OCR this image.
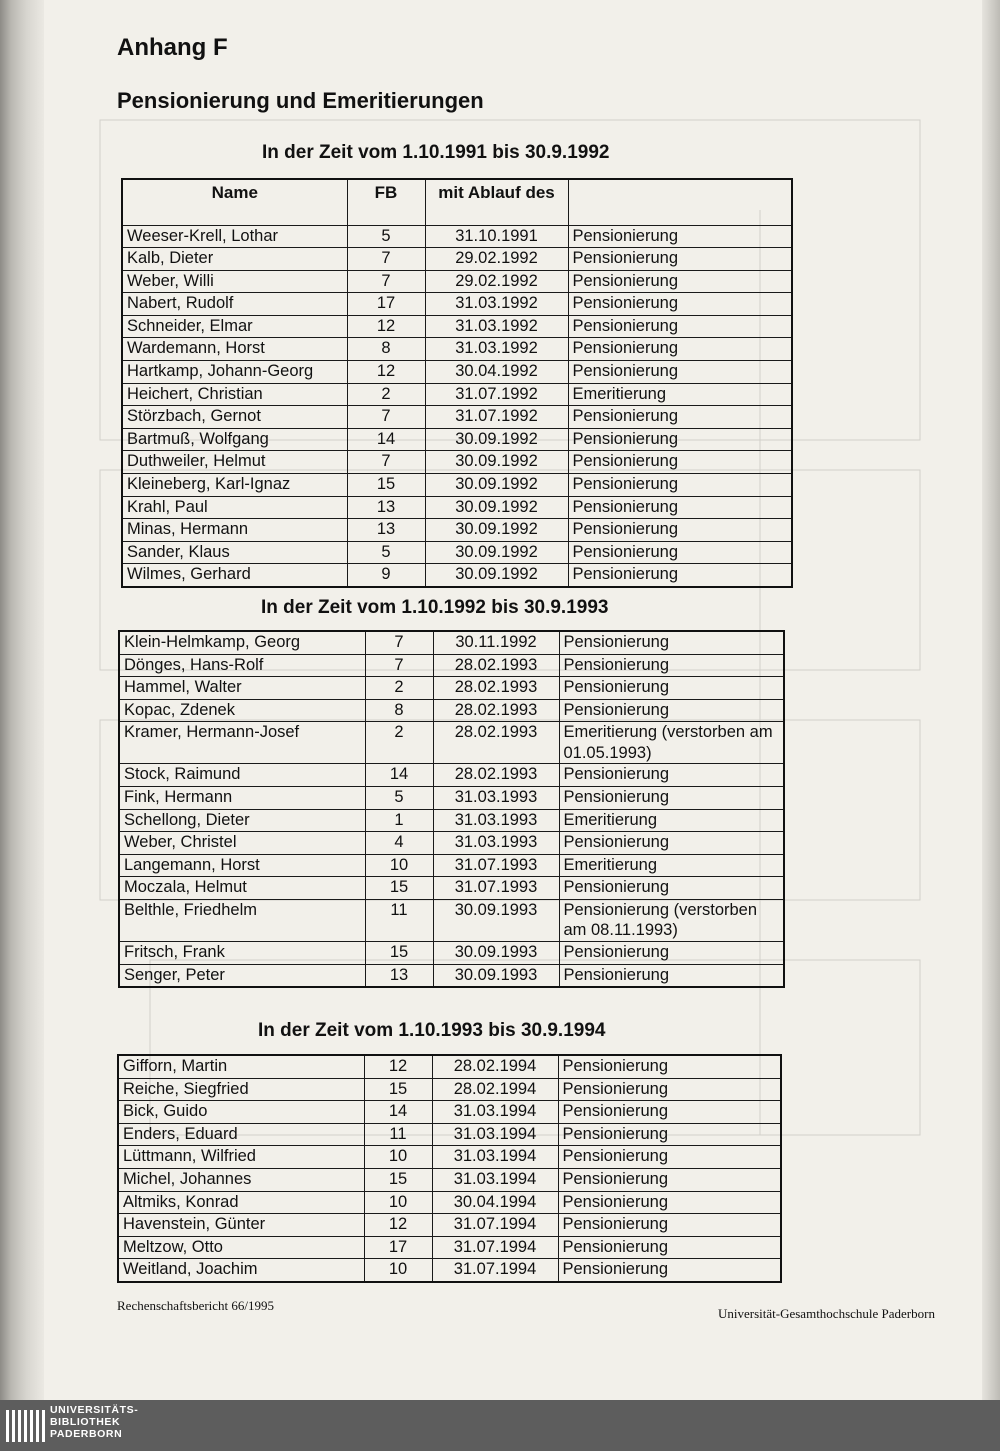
Anhang F
Pensionierung und Emeritierungen
In der Zeit vom 1.10.1991 bis 30.9.1992
Name	FB	mit Ablauf des	
Weeser-Krell, Lothar	5	31.10.1991	Pensionierung
Kalb, Dieter	7	29.02.1992	Pensionierung
Weber, Willi	7	29.02.1992	Pensionierung
Nabert, Rudolf	17	31.03.1992	Pensionierung
Schneider, Elmar	12	31.03.1992	Pensionierung
Wardemann, Horst	8	31.03.1992	Pensionierung
Hartkamp, Johann-Georg	12	30.04.1992	Pensionierung
Heichert, Christian	2	31.07.1992	Emeritierung
Störzbach, Gernot	7	31.07.1992	Pensionierung
Bartmuß, Wolfgang	14	30.09.1992	Pensionierung
Duthweiler, Helmut	7	30.09.1992	Pensionierung
Kleineberg, Karl-Ignaz	15	30.09.1992	Pensionierung
Krahl, Paul	13	30.09.1992	Pensionierung
Minas, Hermann	13	30.09.1992	Pensionierung
Sander, Klaus	5	30.09.1992	Pensionierung
Wilmes, Gerhard	9	30.09.1992	Pensionierung
In der Zeit vom 1.10.1992 bis 30.9.1993
Klein-Helmkamp, Georg	7	30.11.1992	Pensionierung
Dönges, Hans-Rolf	7	28.02.1993	Pensionierung
Hammel, Walter	2	28.02.1993	Pensionierung
Kopac, Zdenek	8	28.02.1993	Pensionierung
Kramer, Hermann-Josef	2	28.02.1993	Emeritierung (verstorben am 01.05.1993)
Stock, Raimund	14	28.02.1993	Pensionierung
Fink, Hermann	5	31.03.1993	Pensionierung
Schellong, Dieter	1	31.03.1993	Emeritierung
Weber, Christel	4	31.03.1993	Pensionierung
Langemann, Horst	10	31.07.1993	Emeritierung
Moczala, Helmut	15	31.07.1993	Pensionierung
Belthle, Friedhelm	11	30.09.1993	Pensionierung (verstorben am 08.11.1993)
Fritsch, Frank	15	30.09.1993	Pensionierung
Senger, Peter	13	30.09.1993	Pensionierung
In der Zeit vom 1.10.1993 bis 30.9.1994
Gifforn, Martin	12	28.02.1994	Pensionierung
Reiche, Siegfried	15	28.02.1994	Pensionierung
Bick, Guido	14	31.03.1994	Pensionierung
Enders, Eduard	11	31.03.1994	Pensionierung
Lüttmann, Wilfried	10	31.03.1994	Pensionierung
Michel, Johannes	15	31.03.1994	Pensionierung
Altmiks, Konrad	10	30.04.1994	Pensionierung
Havenstein, Günter	12	31.07.1994	Pensionierung
Meltzow, Otto	17	31.07.1994	Pensionierung
Weitland, Joachim	10	31.07.1994	Pensionierung
Rechenschaftsbericht 66/1995
Universität-Gesamthochschule Paderborn
UNIVERSITÄTS-
BIBLIOTHEK
PADERBORN
